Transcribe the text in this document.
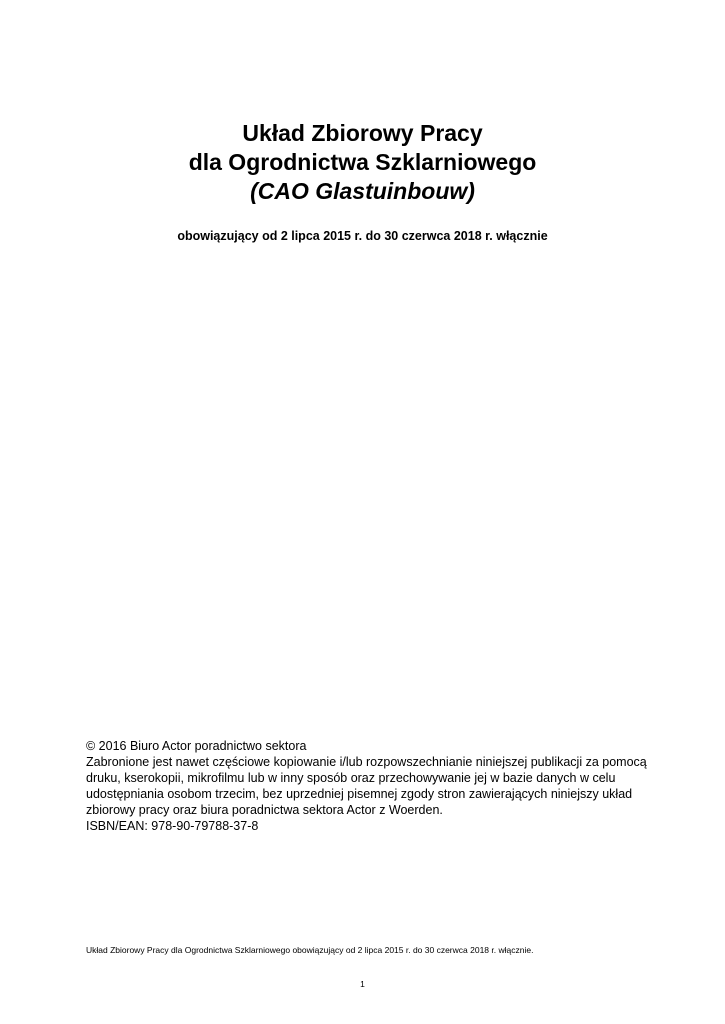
Układ Zbiorowy Pracy
dla Ogrodnictwa Szklarniowego
(CAO Glastuinbouw)
obowiązujący od 2 lipca 2015 r. do 30 czerwca 2018 r. włącznie
© 2016 Biuro Actor poradnictwo sektora
Zabronione jest nawet częściowe kopiowanie i/lub rozpowszechnianie niniejszej publikacji za pomocą
druku, kserokopii, mikrofilmu lub w inny sposób oraz przechowywanie jej w bazie danych w celu
udostępniania osobom trzecim, bez uprzedniej pisemnej zgody stron zawierających niniejszy układ
zbiorowy pracy oraz biura poradnictwa sektora Actor z Woerden.
ISBN/EAN: 978-90-79788-37-8
Układ Zbiorowy Pracy dla Ogrodnictwa Szklarniowego obowiązujący od 2 lipca 2015 r. do 30 czerwca 2018 r. włącznie.
1
